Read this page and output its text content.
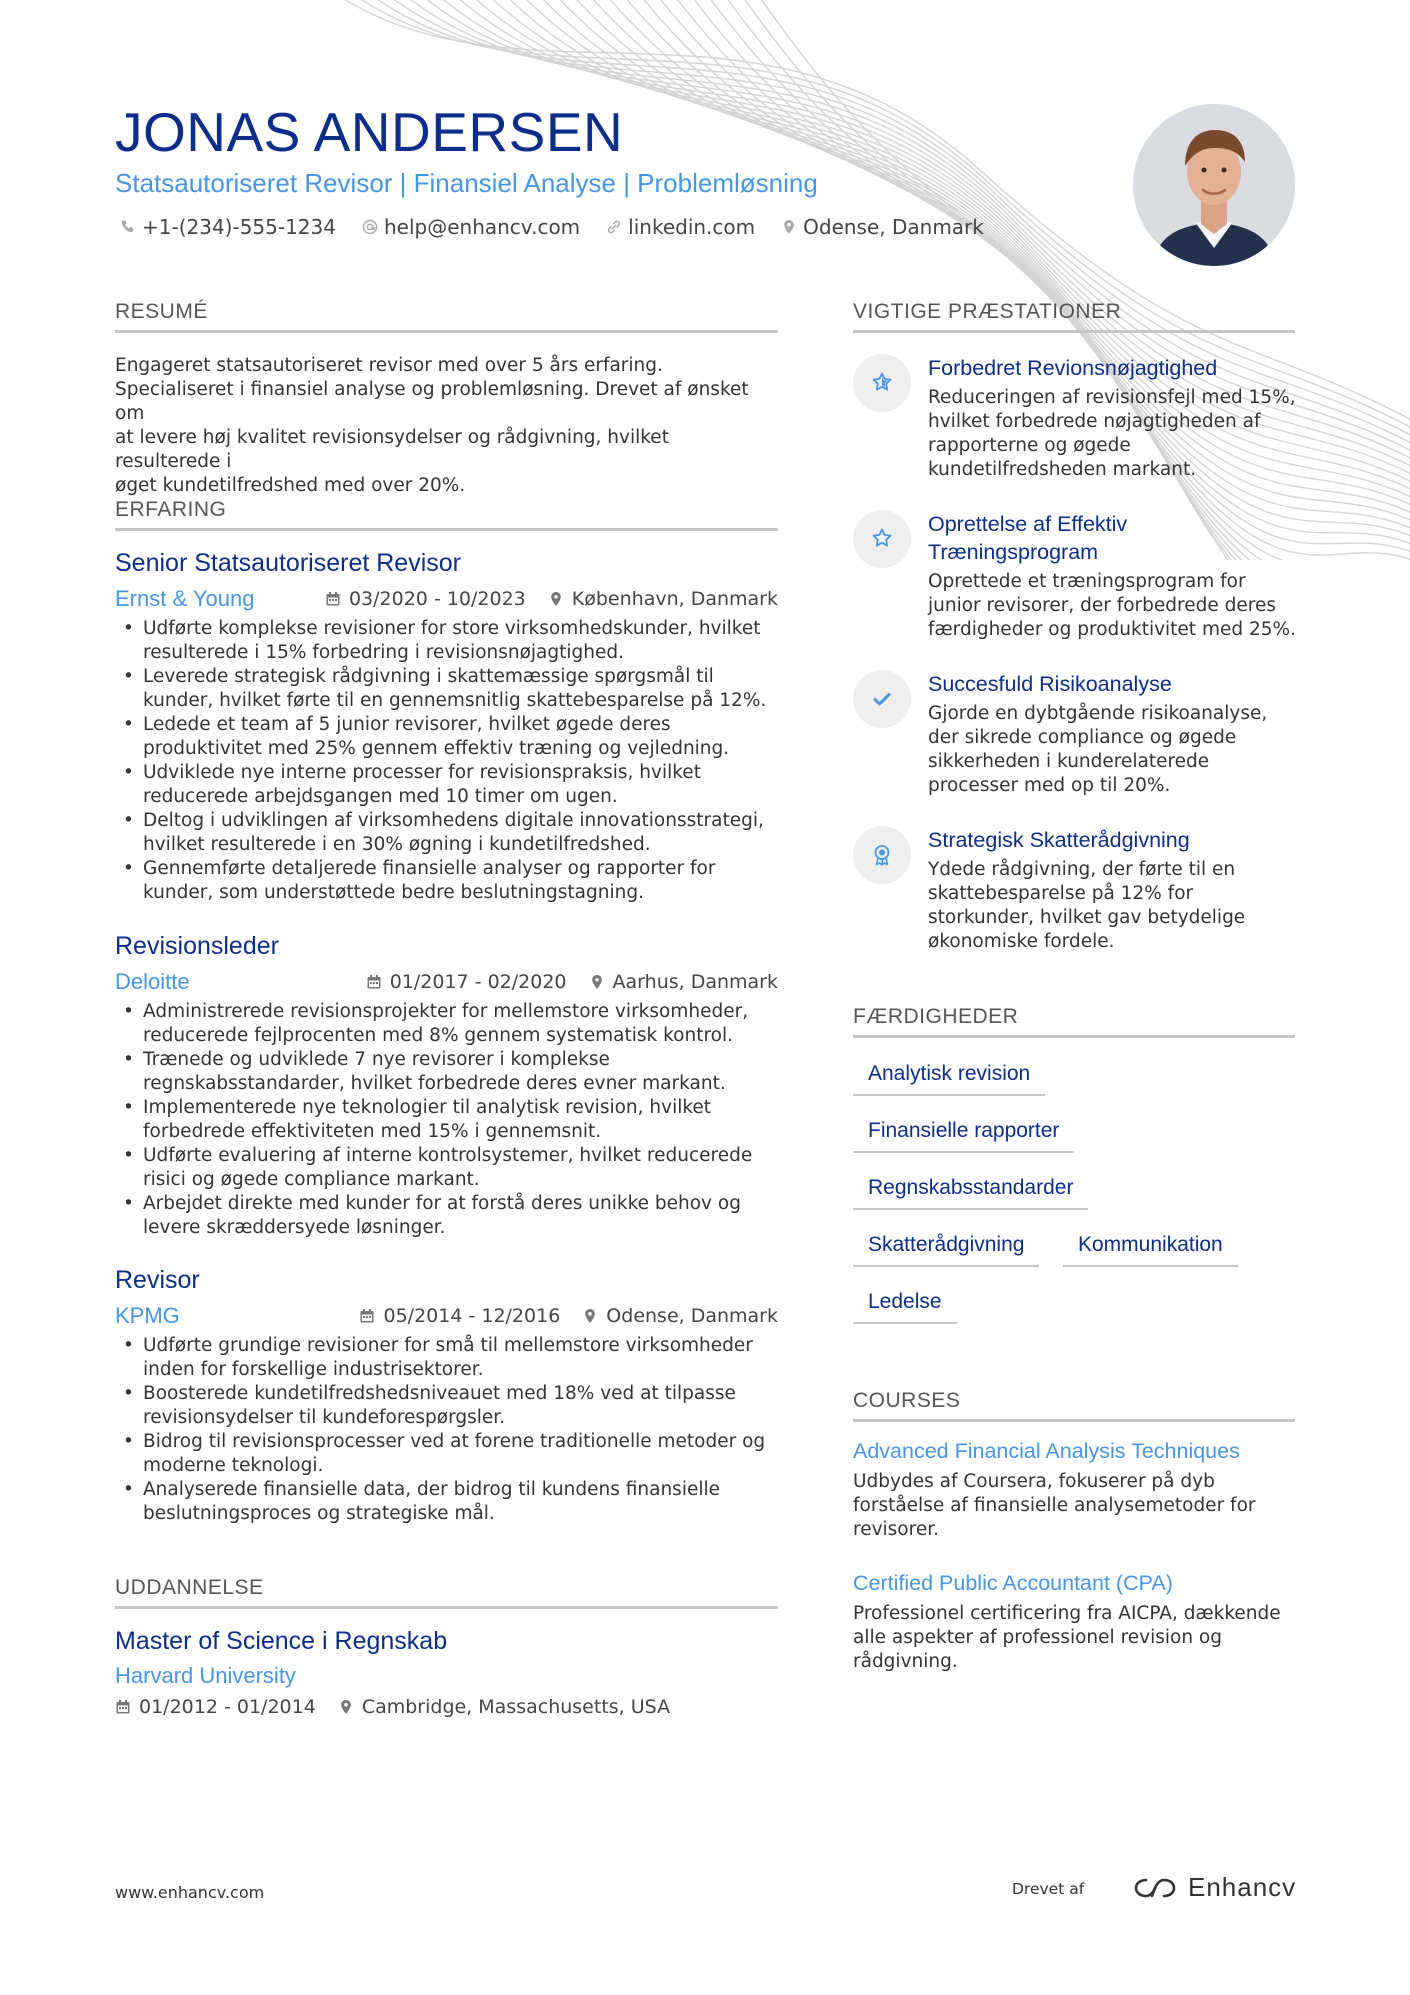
JONAS ANDERSEN
Statsautoriseret Revisor | Finansiel Analyse | Problemløsning
+1-(234)-555-1234 help@enhancv.com linkedin.com Odense, Danmark
RESUMÉ
Engageret statsautoriseret revisor med over 5 års erfaring.
Specialiseret i finansiel analyse og problemløsning. Drevet af ønsket om
at levere høj kvalitet revisionsydelser og rådgivning, hvilket resulterede i
øget kundetilfredshed med over 20%.
ERFARING
Senior Statsautoriseret Revisor
Ernst & Young	03/2020 - 10/2023 København, Danmark
• Udførte komplekse revisioner for store virksomhedskunder, hvilket
resulterede i 15% forbedring i revisionsnøjagtighed.
• Leverede strategisk rådgivning i skattemæssige spørgsmål til
kunder, hvilket førte til en gennemsnitlig skattebesparelse på 12%.
• Ledede et team af 5 junior revisorer, hvilket øgede deres
produktivitet med 25% gennem effektiv træning og vejledning.
• Udviklede nye interne processer for revisionspraksis, hvilket
reducerede arbejdsgangen med 10 timer om ugen.
• Deltog i udviklingen af virksomhedens digitale innovationsstrategi,
hvilket resulterede i en 30% øgning i kundetilfredshed.
• Gennemførte detaljerede finansielle analyser og rapporter for
kunder, som understøttede bedre beslutningstagning.
Revisionsleder
Deloitte	01/2017 - 02/2020 Aarhus, Danmark
• Administrerede revisionsprojekter for mellemstore virksomheder,
reducerede fejlprocenten med 8% gennem systematisk kontrol.
• Trænede og udviklede 7 nye revisorer i komplekse
regnskabsstandarder, hvilket forbedrede deres evner markant.
• Implementerede nye teknologier til analytisk revision, hvilket
forbedrede effektiviteten med 15% i gennemsnit.
• Udførte evaluering af interne kontrolsystemer, hvilket reducerede
risici og øgede compliance markant.
• Arbejdet direkte med kunder for at forstå deres unikke behov og
levere skræddersyede løsninger.
Revisor
KPMG	05/2014 - 12/2016 Odense, Danmark
• Udførte grundige revisioner for små til mellemstore virksomheder
inden for forskellige industrisektorer.
• Boosterede kundetilfredshedsniveauet med 18% ved at tilpasse
revisionsydelser til kundeforespørgsler.
• Bidrog til revisionsprocesser ved at forene traditionelle metoder og
moderne teknologi.
• Analyserede finansielle data, der bidrog til kundens finansielle
beslutningsproces og strategiske mål.
UDDANNELSE
Master of Science i Regnskab
Harvard University
01/2012 - 01/2014 Cambridge, Massachusetts, USA
VIGTIGE PRÆSTATIONER
Forbedret Revionsnøjagtighed
Reduceringen af revisionsfejl med 15%,
hvilket forbedrede nøjagtigheden af
rapporterne og øgede
kundetilfredsheden markant.
Oprettelse af Effektiv
Træningsprogram
Oprettede et træningsprogram for
junior revisorer, der forbedrede deres
færdigheder og produktivitet med 25%.
Succesfuld Risikoanalyse
Gjorde en dybtgående risikoanalyse,
der sikrede compliance og øgede
sikkerheden i kunderelaterede
processer med op til 20%.
Strategisk Skatterådgivning
Ydede rådgivning, der førte til en
skattebesparelse på 12% for
storkunder, hvilket gav betydelige
økonomiske fordele.
FÆRDIGHEDER
Analytisk revision
Finansielle rapporter
Regnskabsstandarder
Skatterådgivning	Kommunikation
Ledelse
COURSES
Advanced Financial Analysis Techniques
Udbydes af Coursera, fokuserer på dyb
forståelse af finansielle analysemetoder for
revisorer.
Certified Public Accountant (CPA)
Professionel certificering fra AICPA, dækkende
alle aspekter af professionel revision og
rådgivning.
www.enhancv.com	Drevet af	Enhancv
